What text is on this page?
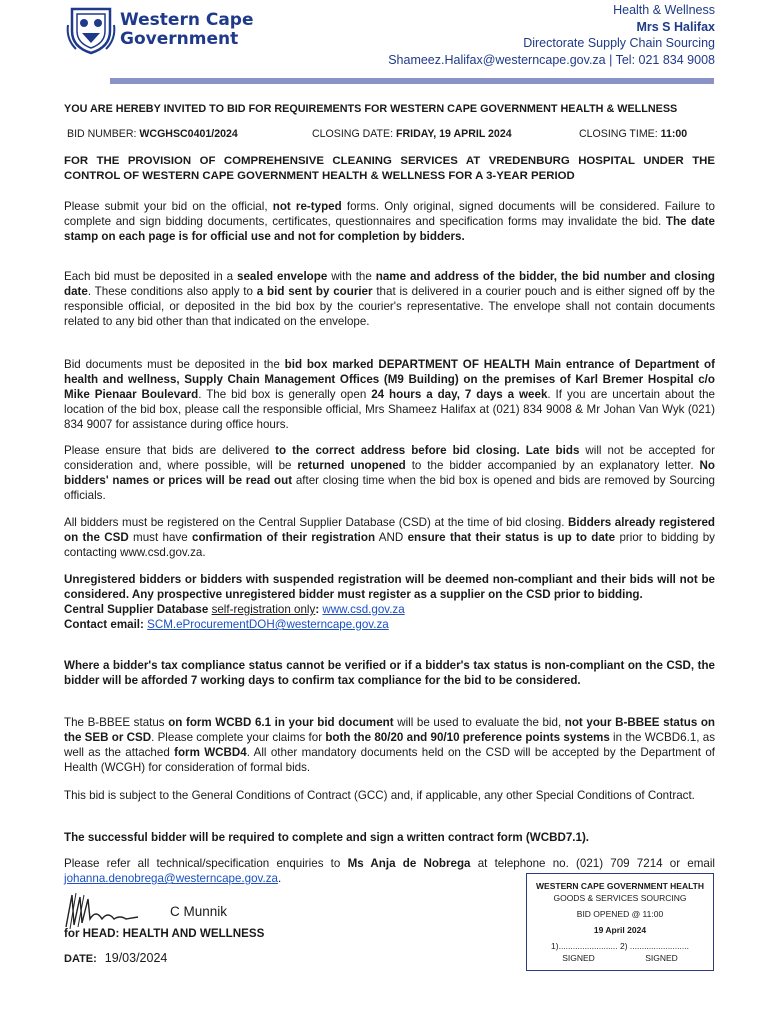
Western Cape
Government
Health & Wellness
Mrs S Halifax
Directorate Supply Chain Sourcing
Shameez.Halifax@westerncape.gov.za | Tel: 021 834 9008
YOU ARE HEREBY INVITED TO BID FOR REQUIREMENTS FOR WESTERN CAPE GOVERNMENT HEALTH & WELLNESS
BID NUMBER: WCGHSC0401/2024	CLOSING DATE: FRIDAY, 19 APRIL 2024	CLOSING TIME: 11:00
FOR THE PROVISION OF COMPREHENSIVE CLEANING SERVICES AT VREDENBURG HOSPITAL UNDER THE CONTROL OF WESTERN CAPE GOVERNMENT HEALTH & WELLNESS FOR A 3-YEAR PERIOD
Please submit your bid on the official, not re-typed forms. Only original, signed documents will be considered. Failure to complete and sign bidding documents, certificates, questionnaires and specification forms may invalidate the bid. The date stamp on each page is for official use and not for completion by bidders.
Each bid must be deposited in a sealed envelope with the name and address of the bidder, the bid number and closing date. These conditions also apply to a bid sent by courier that is delivered in a courier pouch and is either signed off by the responsible official, or deposited in the bid box by the courier's representative. The envelope shall not contain documents related to any bid other than that indicated on the envelope.
Bid documents must be deposited in the bid box marked DEPARTMENT OF HEALTH Main entrance of Department of health and wellness, Supply Chain Management Offices (M9 Building) on the premises of Karl Bremer Hospital c/o Mike Pienaar Boulevard. The bid box is generally open 24 hours a day, 7 days a week. If you are uncertain about the location of the bid box, please call the responsible official, Mrs Shameez Halifax at (021) 834 9008 & Mr Johan Van Wyk (021) 834 9007 for assistance during office hours.
Please ensure that bids are delivered to the correct address before bid closing. Late bids will not be accepted for consideration and, where possible, will be returned unopened to the bidder accompanied by an explanatory letter. No bidders' names or prices will be read out after closing time when the bid box is opened and bids are removed by Sourcing officials.
All bidders must be registered on the Central Supplier Database (CSD) at the time of bid closing. Bidders already registered on the CSD must have confirmation of their registration AND ensure that their status is up to date prior to bidding by contacting www.csd.gov.za.
Unregistered bidders or bidders with suspended registration will be deemed non-compliant and their bids will not be considered. Any prospective unregistered bidder must register as a supplier on the CSD prior to bidding.
Central Supplier Database self-registration only: www.csd.gov.za
Contact email: SCM.eProcurementDOH@westerncape.gov.za
Where a bidder's tax compliance status cannot be verified or if a bidder's tax status is non-compliant on the CSD, the bidder will be afforded 7 working days to confirm tax compliance for the bid to be considered.
The B-BBEE status on form WCBD 6.1 in your bid document will be used to evaluate the bid, not your B-BBEE status on the SEB or CSD. Please complete your claims for both the 80/20 and 90/10 preference points systems in the WCBD6.1, as well as the attached form WCBD4. All other mandatory documents held on the CSD will be accepted by the Department of Health (WCGH) for consideration of formal bids.
This bid is subject to the General Conditions of Contract (GCC) and, if applicable, any other Special Conditions of Contract.
The successful bidder will be required to complete and sign a written contract form (WCBD7.1).
Please refer all technical/specification enquiries to Ms Anja de Nobrega at telephone no. (021) 709 7214 or email johanna.denobrega@westerncape.gov.za.
C Munnik
for HEAD: HEALTH AND WELLNESS
DATE: 19/03/2024
WESTERN CAPE GOVERNMENT HEALTH
GOODS & SERVICES SOURCING
BID OPENED @ 11:00
19 April 2024
1)......................... 2) .........................
SIGNED	SIGNED
